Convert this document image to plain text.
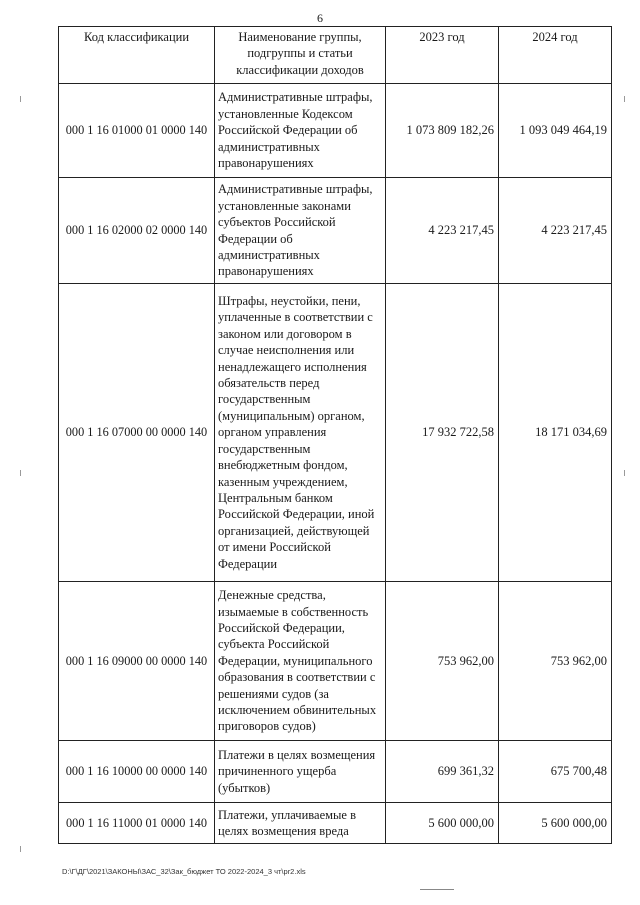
6
Код классификации	Наименование группы, подгруппы и статьи классификации доходов	2023 год	2024 год
000 1 16 01000 01 0000 140	Административные штрафы, установленные Кодексом Российской Федерации об административных правонарушениях	1 073 809 182,26	1 093 049 464,19
000 1 16 02000 02 0000 140	Административные штрафы, установленные законами субъектов Российской Федерации об административных правонарушениях	4 223 217,45	4 223 217,45
000 1 16 07000 00 0000 140	Штрафы, неустойки, пени, уплаченные в соответствии с законом или договором в случае неисполнения или ненадлежащего исполнения обязательств перед государственным (муниципальным) органом, органом управления государственным внебюджетным фондом, казенным учреждением, Центральным банком Российской Федерации, иной организацией, действующей от имени Российской Федерации	17 932 722,58	18 171 034,69
000 1 16 09000 00 0000 140	Денежные средства, изымаемые в собственность Российской Федерации, субъекта Российской Федерации, муниципального образования в соответствии с решениями судов (за исключением обвинительных приговоров судов)	753 962,00	753 962,00
000 1 16 10000 00 0000 140	Платежи в целях возмещения причиненного ущерба (убытков)	699 361,32	675 700,48
000 1 16 11000 01 0000 140	Платежи, уплачиваемые в целях возмещения вреда	5 600 000,00	5 600 000,00
D:\Г\ДГ\2021\ЗАКОНЫ\ЗАС_32\Зак_бюджет ТО 2022-2024_3 чт\pr2.xls
